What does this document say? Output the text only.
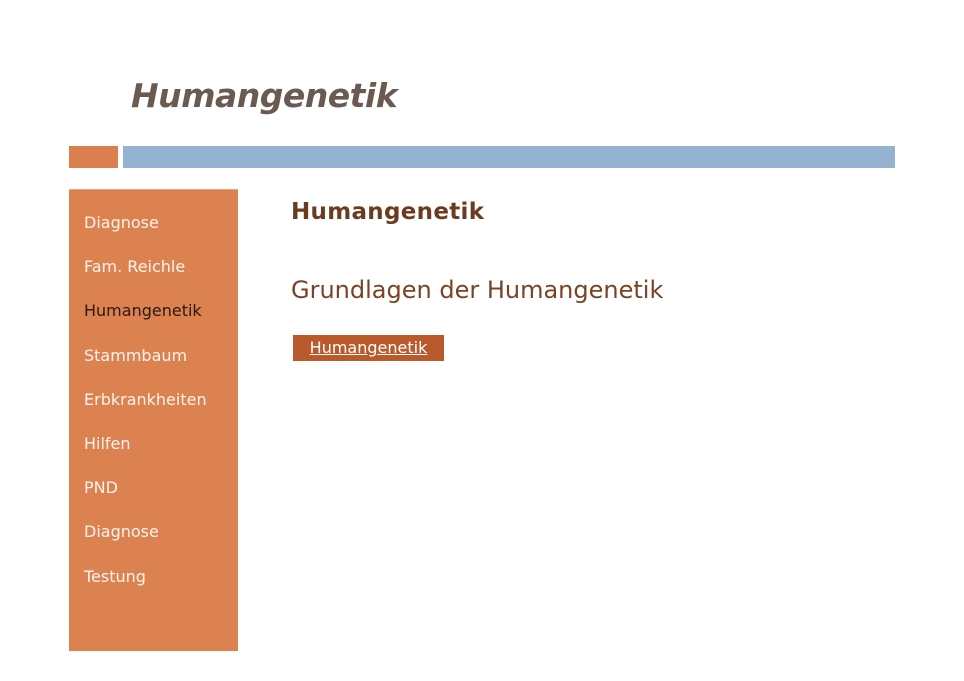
Humangenetik
Diagnose
Fam. Reichle
Humangenetik
Stammbaum
Erbkrankheiten
Hilfen
PND
Diagnose
Testung
Humangenetik
Grundlagen der Humangenetik
Humangenetik
